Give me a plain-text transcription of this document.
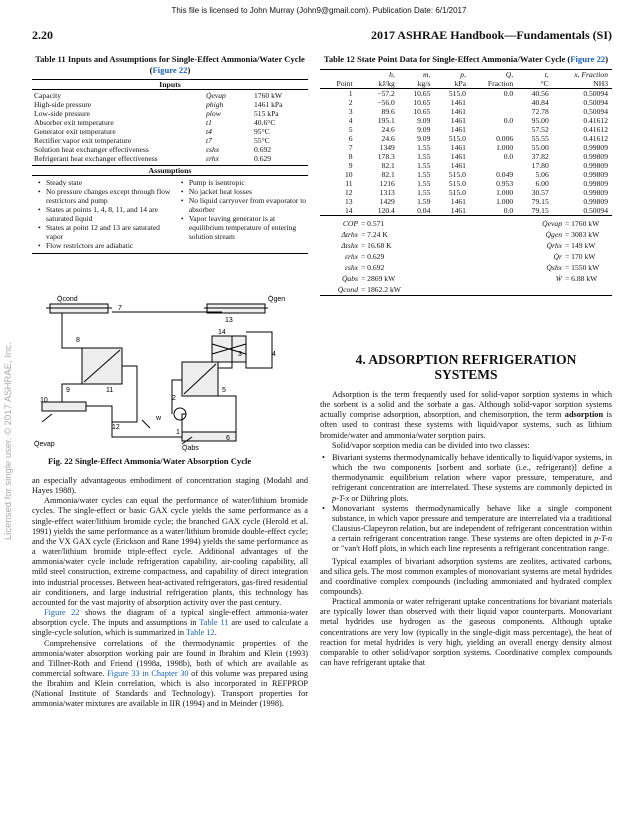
This file is licensed to John Murray (John9@gmail.com). Publication Date: 6/1/2017
Licensed for single user. © 2017 ASHRAE, Inc.
2.20	2017 ASHRAE Handbook—Fundamentals (SI)
Table 11 Inputs and Assumptions for Single-Effect Ammonia/Water Cycle (Figure 22)
Inputs
Capacity	Q̇evap	1760 kW
High-side pressure	phigh	1461 kPa
Low-side pressure	plow	515 kPa
Absorber exit temperature	t1	40.6°C
Generator exit temperature	t4	95°C
Rectifier vapor exit temperature	t7	55°C
Solution heat exchanger effectiveness	εshx	0.692
Refrigerant heat exchanger effectiveness	εrhx	0.629
Assumptions
• Steady state
• No pressure changes except through flow restrictors and pump
• States at points 1, 4, 8, 11, and 14 are saturated liquid
• States at point 12 and 13 are saturated vapor
• Flow restrictors are adiabatic
• Pump is isentropic
• No jacket heat losses
• No liquid carryover from evaporator to absorber
• Vapor leaving generator is at equilibrium temperature of entering solution stream
Q̇cond	Q̇gen
Q̇evap
Q̇abs
w
1
2
3	4
5
6
7
8
9
10
11
12
13
14
Fig. 22 Single-Effect Ammonia/Water Absorption Cycle

an especially advantageous embodiment of concentration staging (Modahl and Hayes 1988).

Ammonia/water cycles can equal the performance of water/lithium bromide cycles. The single-effect or basic GAX cycle yields the same performance as a single-effect water/lithium bromide cycle; the branched GAX cycle (Herold et al. 1991) yields the same performance as a water/lithium bromide double-effect cycle; and the VX GAX cycle (Erickson and Rane 1994) yields the same performance as a water/lithium bromide triple-effect cycle. Additional advantages of the ammonia/water cycle include refrigeration capability, air-cooling capability, all mild steel construction, extreme compactness, and capability of direct integration into industrial processes. Between heat-activated refrigerators, gas-fired residential air conditioners, and large industrial refrigeration plants, this technology has accounted for the vast majority of absorption activity over the past century.

Figure 22 shows the diagram of a typical single-effect ammonia-water absorption cycle. The inputs and assumptions in Table 11 are used to calculate a single-cycle solution, which is summarized in Table 12.

Comprehensive correlations of the thermodynamic properties of the ammonia/water absorption working pair are found in Ibrahim and Klein (1993) and Tillner-Roth and Friend (1998a, 1998b), both of which are available as commercial software. Figure 33 in Chapter 30 of this volume was prepared using the Ibrahim and Klein correlation, which is also incorporated in REFPROP (National Institute of Standards and Technology). Transport properties for ammonia/water mixtures are available in IIR (1994) and in Meinder (1998).

Table 12 State Point Data for Single-Effect Ammonia/Water Cycle (Figure 22)
	h,	m,	p,	Q,	t,	x, Fraction
Point	kJ/kg	kg/s	kPa	Fraction	°C	NH3
1	−57.2	10.65	515.0	0.0	40.56	0.50094
2	−56.0	10.65	1461		40.84	0.50094
3	89.6	10.65	1461		72.78	0.50094
4	195.1	9.09	1461	0.0	95.00	0.41612
5	24.6	9.09	1461		57.52	0.41612
6	24.6	9.09	515.0	0.006	55.55	0.41612
7	1349	1.55	1461	1.000	55.00	0.99809
8	178.3	1.55	1461	0.0	37.82	0.99809
9	82.1	1.55	1461		17.80	0.99809
10	82.1	1.55	515.0	0.049	5.06	0.99809
11	1216	1.55	515.0	0.953	6.00	0.99809
12	1313	1.55	515.0	1.000	30.57	0.99809
13	1429	1.59	1461	1.000	79.15	0.99809
14	120.4	0.04	1461	0.0	79.15	0.50094
COP = 0.571
Δtrhx = 7.24 K
Δtshx = 16.68 K
εrhx = 0.629
εshx = 0.692
Q̇abs = 2869 kW
Q̇cond = 1862.2 kW
Q̇evap = 1760 kW
Q̇gen = 3083 kW
Q̇rhx = 149 kW
Q̇r = 170 kW
Q̇shx = 1550 kW
Ẇ = 6.88 kW
4. ADSORPTION REFRIGERATION
SYSTEMS

Adsorption is the term frequently used for solid-vapor sorption systems in which the sorbent is a solid and the sorbate a gas. Although solid-vapor sorption systems actually comprise adsorption, absorption, and chemisorption, the term adsorption is often used to contrast these systems with liquid/vapor systems, such as lithium bromide/water and ammonia/water sorption pairs.

Solid/vapor sorption media can be divided into two classes:

• Bivariant systems thermodynamically behave identically to liquid/vapor systems, in which the two components [sorbent and sorbate (i.e., refrigerant)] define a thermodynamic equilibrium relation where vapor pressure, temperature, and refrigerant concentration are interrelated. These systems are commonly depicted in p-T-x or Dühring plots.
• Monovariant systems thermodynamically behave like a single component substance, in which vapor pressure and temperature are interrelated via a traditional Clausius-Clapeyron relation, but are independent of refrigerant concentration within a certain refrigerant concentration range. These systems are often depicted in p-T-n or "van't Hoff plots, in which each line represents a refrigerant concentration range.

Typical examples of bivariant adsorption systems are zeolites, activated carbons, and silica gels. The most common examples of monovariant systems are metal hydrides and coordinative complex compounds (including ammoniated and hydrated complex compounds).

Practical ammonia or water refrigerant uptake concentrations for bivariant materials are typically lower than observed with their liquid vapor counterparts. Monovariant metal hydrides use hydrogen as the gaseous components. Although uptake concentrations are very low (typically in the single-digit mass percentage), the heat of reaction for metal hydrides is very high, yielding an overall energy density almost comparable to other solid/vapor sorption systems. Coordinative complex compounds can have refrigerant uptake that
